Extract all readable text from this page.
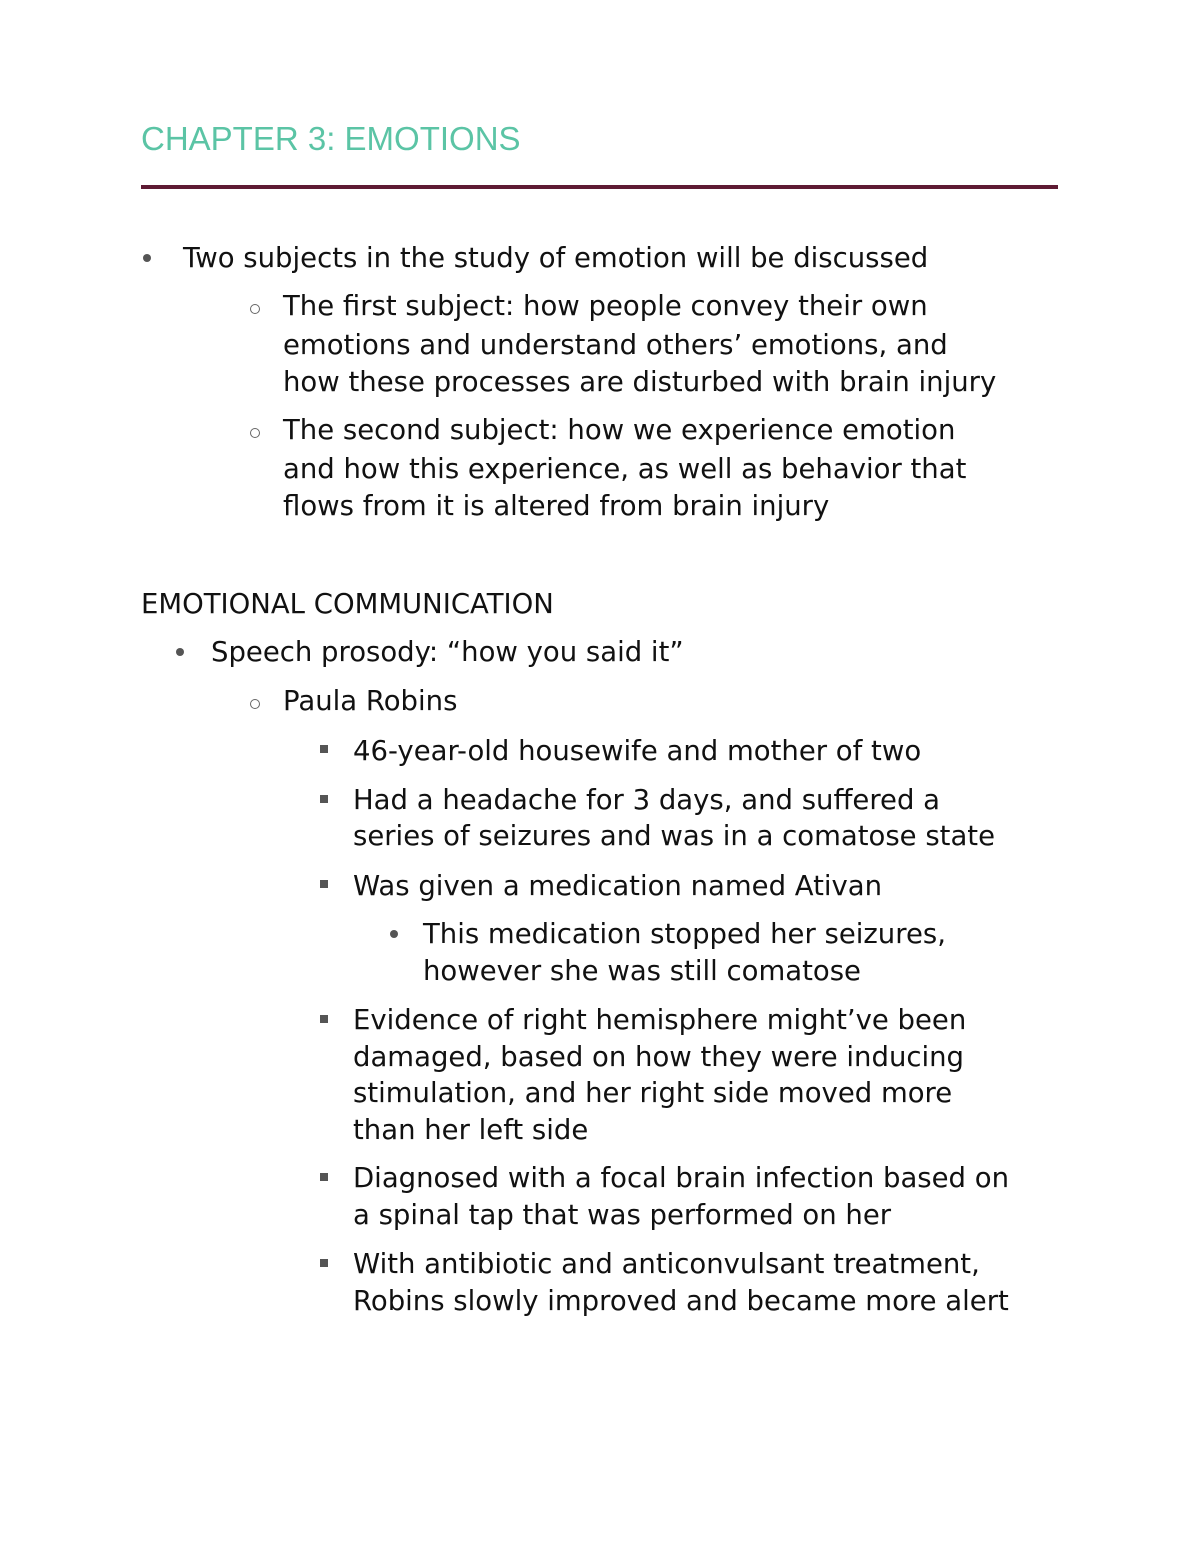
CHAPTER 3: EMOTIONS
Two subjects in the study of emotion will be discussed
The first subject: how people convey their own
emotions and understand others’ emotions, and
how these processes are disturbed with brain injury
The second subject: how we experience emotion
and how this experience, as well as behavior that
flows from it is altered from brain injury
EMOTIONAL COMMUNICATION
Speech prosody: “how you said it”
Paula Robins
46-year-old housewife and mother of two
Had a headache for 3 days, and suffered a
series of seizures and was in a comatose state
Was given a medication named Ativan
This medication stopped her seizures,
however she was still comatose
Evidence of right hemisphere might’ve been
damaged, based on how they were inducing
stimulation, and her right side moved more
than her left side
Diagnosed with a focal brain infection based on
a spinal tap that was performed on her
With antibiotic and anticonvulsant treatment,
Robins slowly improved and became more alert
